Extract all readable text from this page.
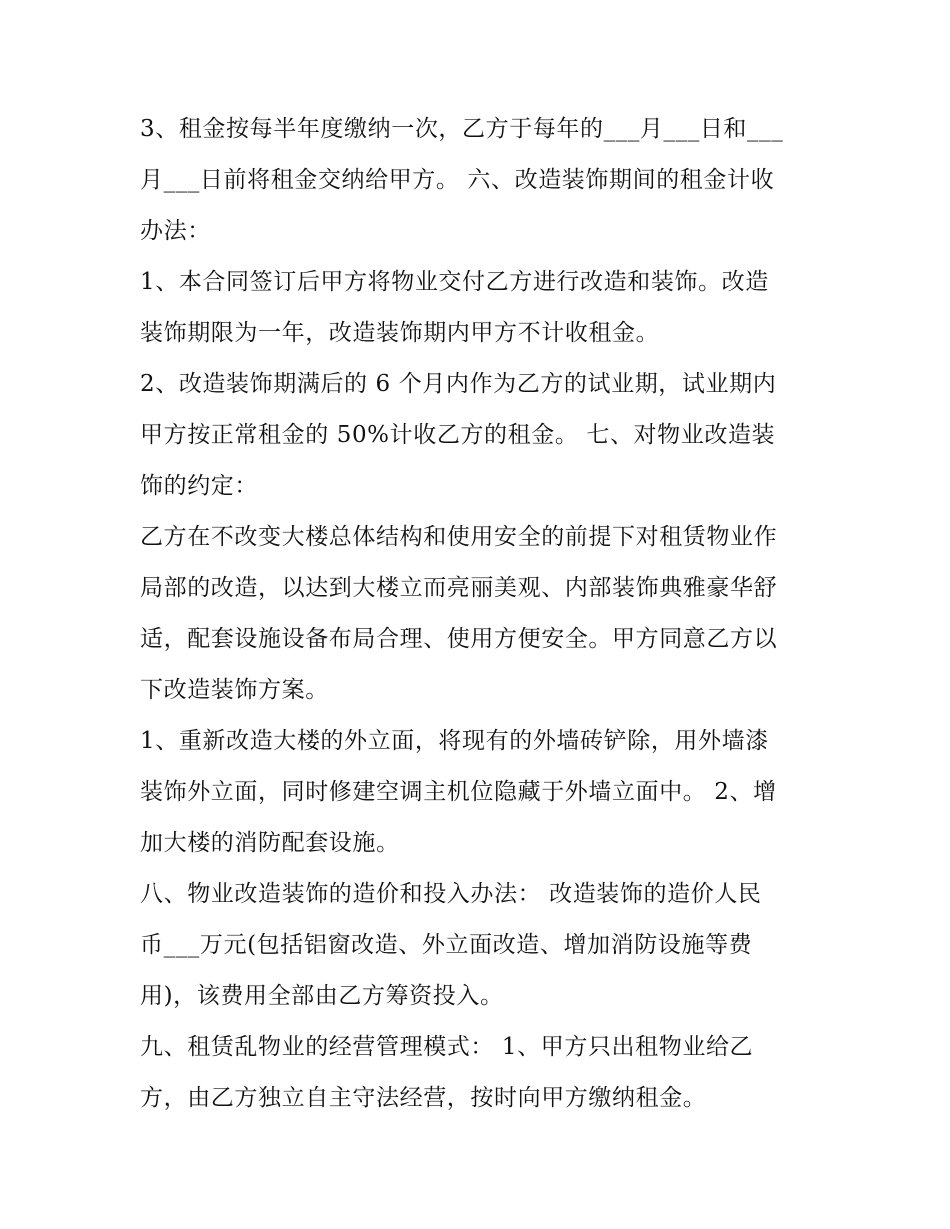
3、租金按每半年度缴纳一次，乙方于每年的___月___日和___
月___日前将租金交纳给甲方。 六、改造装饰期间的租金计收
办法：
1、本合同签订后甲方将物业交付乙方进行改造和装饰。改造
装饰期限为一年，改造装饰期内甲方不计收租金。
2、改造装饰期满后的 6 个月内作为乙方的试业期，试业期内
甲方按正常租金的 50%计收乙方的租金。 七、对物业改造装
饰的约定：
乙方在不改变大楼总体结构和使用安全的前提下对租赁物业作
局部的改造，以达到大楼立而亮丽美观、内部装饰典雅豪华舒
适，配套设施设备布局合理、使用方便安全。甲方同意乙方以
下改造装饰方案。
1、重新改造大楼的外立面，将现有的外墙砖铲除，用外墙漆
装饰外立面，同时修建空调主机位隐藏于外墙立面中。 2、增
加大楼的消防配套设施。
八、物业改造装饰的造价和投入办法： 改造装饰的造价人民
币___万元(包括铝窗改造、外立面改造、增加消防设施等费
用)，该费用全部由乙方筹资投入。
九、租赁乱物业的经营管理模式： 1、甲方只出租物业给乙
方，由乙方独立自主守法经营，按时向甲方缴纳租金。
